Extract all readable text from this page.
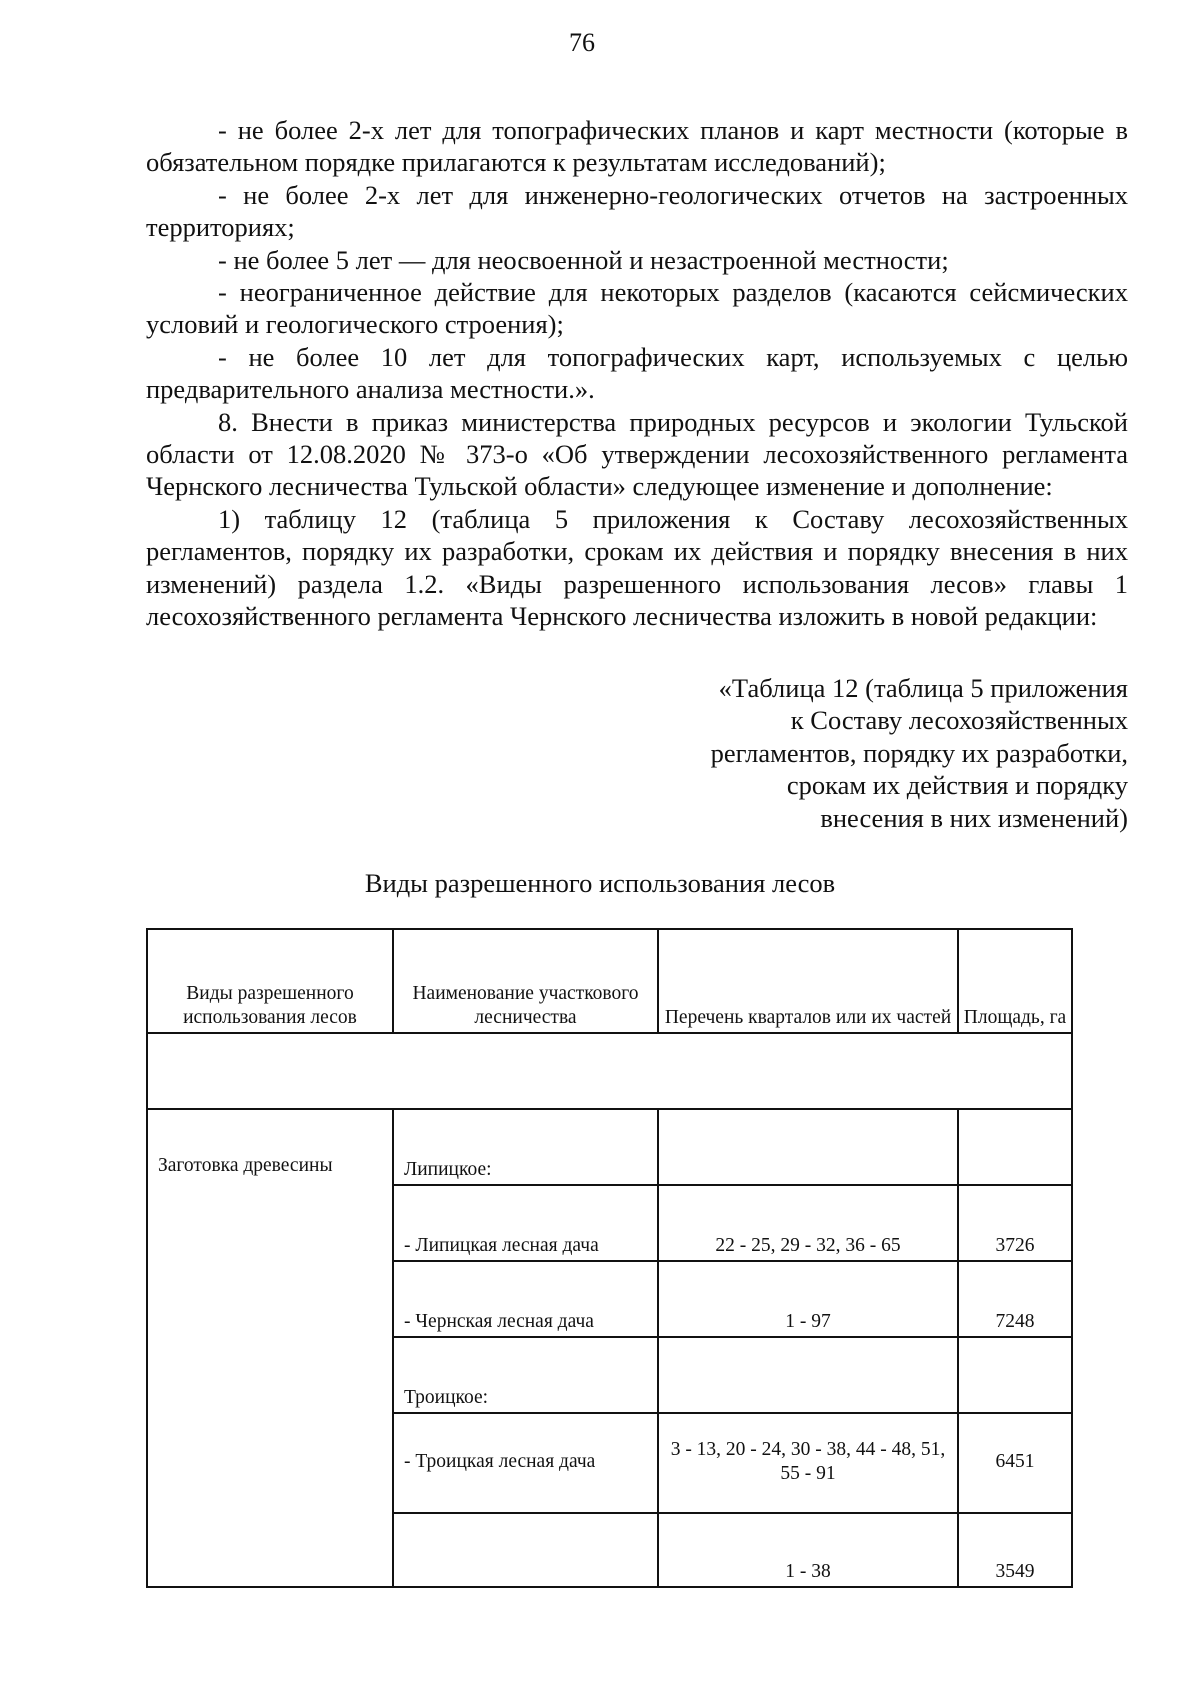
76

- не более 2-х лет для топографических планов и карт местности (которые в обязательном порядке прилагаются к результатам исследований);

- не более 2-х лет для инженерно-геологических отчетов на застроенных территориях;

- не более 5 лет — для неосвоенной и незастроенной местности;

- неограниченное действие для некоторых разделов (касаются сейсмических условий и геологического строения);

- не более 10 лет для топографических карт, используемых с целью предварительного анализа местности.».

8. Внести в приказ министерства природных ресурсов и экологии Тульской области от 12.08.2020 № 373-о «Об утверждении лесохозяйственного регламента Чернского лесничества Тульской области» следующее изменение и дополнение:

1) таблицу 12 (таблица 5 приложения к Составу лесохозяйственных регламентов, порядку их разработки, срокам их действия и порядку внесения в них изменений) раздела 1.2. «Виды разрешенного использования лесов» главы 1 лесохозяйственного регламента Чернского лесничества изложить в новой редакции:

«Таблица 12 (таблица 5 приложения
к Составу лесохозяйственных
регламентов, порядку их разработки,
срокам их действия и порядку
внесения в них изменений)
Виды разрешенного использования лесов
Виды разрешенного использования лесов	Наименование участкового лесничества	Перечень кварталов или их частей	Площадь, га

Заготовка древесины	Липицкое:		
	- Липицкая лесная дача	22 - 25, 29 - 32, 36 - 65	3726
	- Чернская лесная дача	1 - 97	7248
	Троицкое:		
	- Троицкая лесная дача	3 - 13, 20 - 24, 30 - 38, 44 - 48, 51, 55 - 91	6451
		1 - 38	3549
